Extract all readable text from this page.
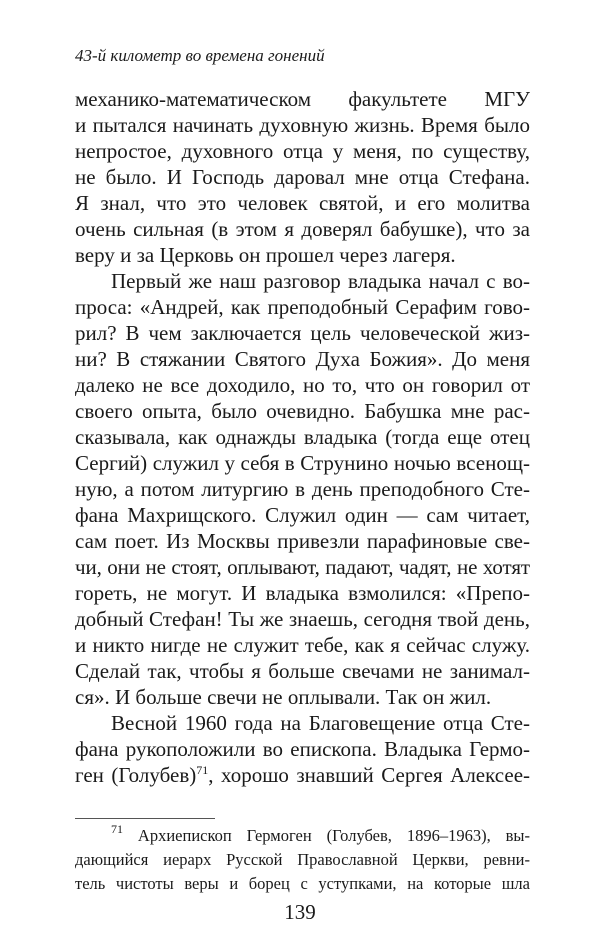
43-й километр во времена гонений
механико-математическом факультете МГУ
и пытался начинать духовную жизнь. Время было
непростое, духовного отца у меня, по существу,
не было. И Господь даровал мне отца Стефана.
Я знал, что это человек святой, и его молитва
очень сильная (в этом я доверял бабушке), что за
веру и за Церковь он прошел через лагеря.
Первый же наш разговор владыка начал с во-
проса: «Андрей, как преподобный Серафим гово-
рил? В чем заключается цель человеческой жиз-
ни? В стяжании Святого Духа Божия». До меня
далеко не все доходило, но то, что он говорил от
своего опыта, было очевидно. Бабушка мне рас-
сказывала, как однажды владыка (тогда еще отец
Сергий) служил у себя в Струнино ночью всенощ-
ную, а потом литургию в день преподобного Сте-
фана Махрищского. Служил один — сам читает,
сам поет. Из Москвы привезли парафиновые све-
чи, они не стоят, оплывают, падают, чадят, не хотят
гореть, не могут. И владыка взмолился: «Препо-
добный Стефан! Ты же знаешь, сегодня твой день,
и никто нигде не служит тебе, как я сейчас служу.
Сделай так, чтобы я больше свечами не занимал-
ся». И больше свечи не оплывали. Так он жил.
Весной 1960 года на Благовещение отца Сте-
фана рукоположили во епископа. Владыка Гермо-
ген (Голубев)$^{71}$, хорошо знавший Сергея Алексее-
$^{71}$ Архиепископ Гермоген (Голубев, 1896–1963), вы-
дающийся иерарх Русской Православной Церкви, ревни-
тель чистоты веры и борец с уступками, на которые шла
139
